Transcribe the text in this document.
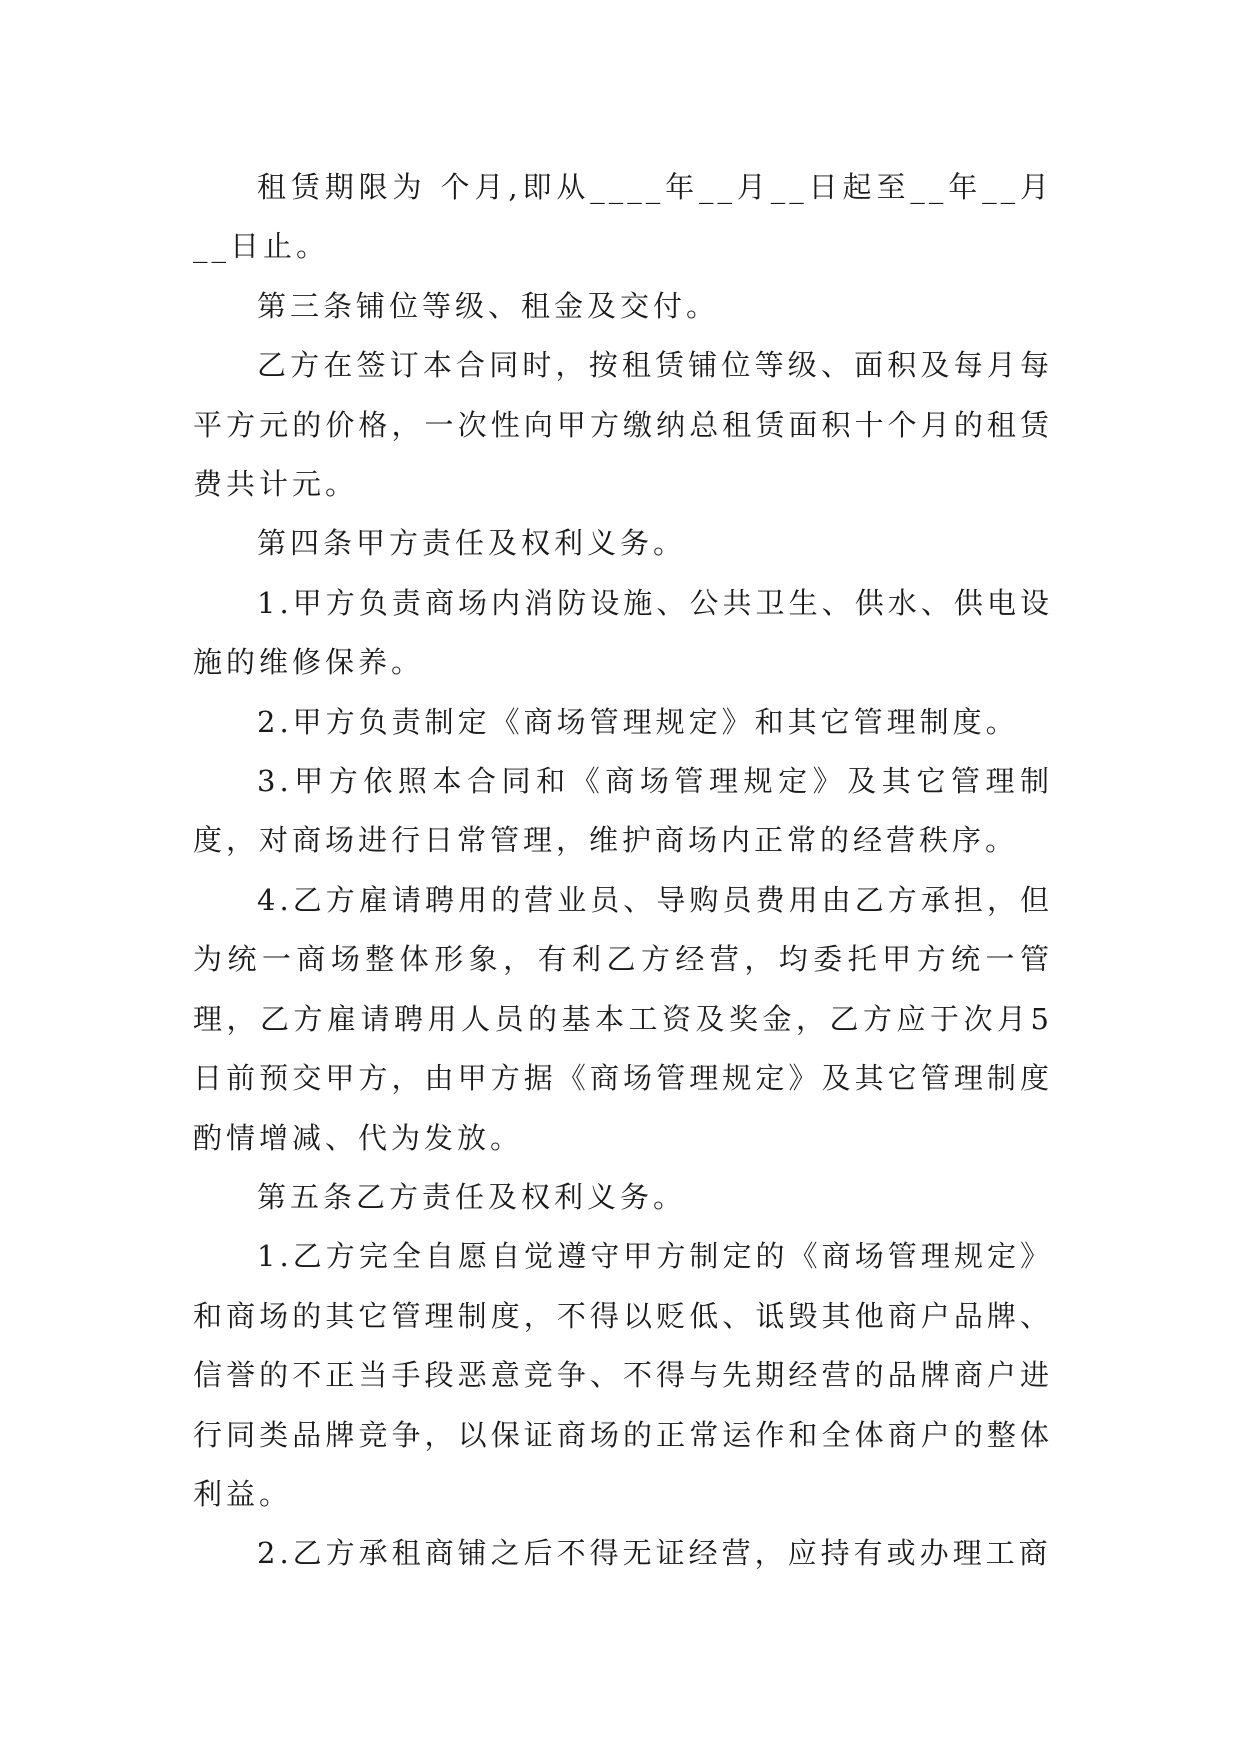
租赁期限为 个月,即从____年__月__日起至__年__月__日止。

第三条铺位等级、租金及交付。

乙方在签订本合同时，按租赁铺位等级、面积及每月每平方元的价格，一次性向甲方缴纳总租赁面积十个月的租赁费共计元。

第四条甲方责任及权利义务。

1.甲方负责商场内消防设施、公共卫生、供水、供电设施的维修保养。

2.甲方负责制定《商场管理规定》和其它管理制度。

3.甲方依照本合同和《商场管理规定》及其它管理制度，对商场进行日常管理，维护商场内正常的经营秩序。

4.乙方雇请聘用的营业员、导购员费用由乙方承担，但为统一商场整体形象，有利乙方经营，均委托甲方统一管理，乙方雇请聘用人员的基本工资及奖金，乙方应于次月5日前预交甲方，由甲方据《商场管理规定》及其它管理制度酌情增减、代为发放。

第五条乙方责任及权利义务。

1.乙方完全自愿自觉遵守甲方制定的《商场管理规定》和商场的其它管理制度，不得以贬低、诋毁其他商户品牌、信誉的不正当手段恶意竞争、不得与先期经营的品牌商户进行同类品牌竞争，以保证商场的正常运作和全体商户的整体利益。

2.乙方承租商铺之后不得无证经营，应持有或办理工商
